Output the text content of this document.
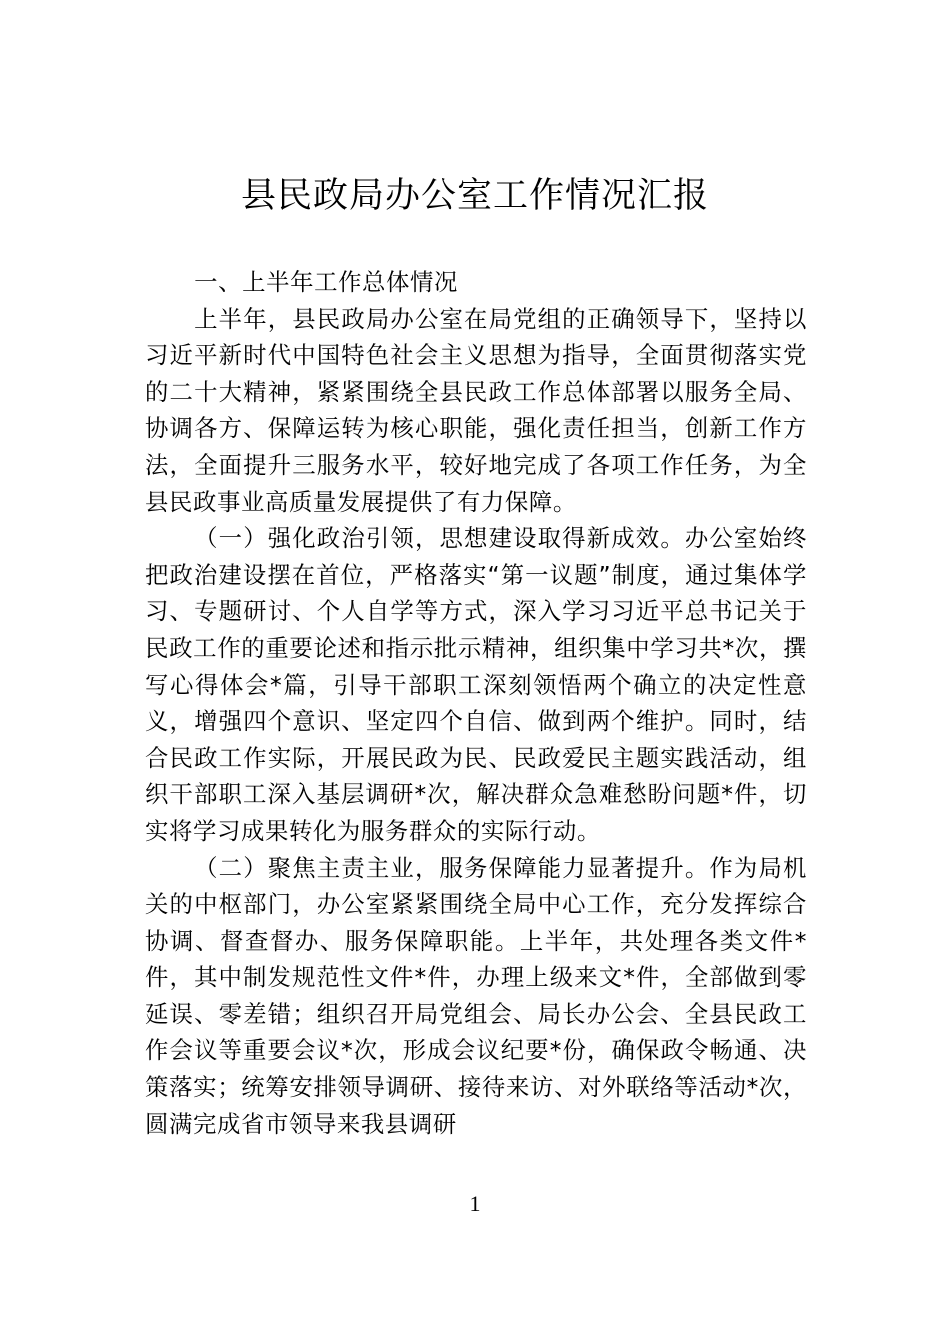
县民政局办公室工作情况汇报

一、上半年工作总体情况

上半年，县民政局办公室在局党组的正确领导下，坚持以习近平新时代中国特色社会主义思想为指导，全面贯彻落实党的二十大精神，紧紧围绕全县民政工作总体部署以服务全局、协调各方、保障运转为核心职能，强化责任担当，创新工作方法，全面提升三服务水平，较好地完成了各项工作任务，为全县民政事业高质量发展提供了有力保障。

（一）强化政治引领，思想建设取得新成效。办公室始终把政治建设摆在首位，严格落实“第一议题”制度，通过集体学习、专题研讨、个人自学等方式，深入学习习近平总书记关于民政工作的重要论述和指示批示精神，组织集中学习共*次，撰写心得体会*篇，引导干部职工深刻领悟两个确立的决定性意义，增强四个意识、坚定四个自信、做到两个维护。同时，结合民政工作实际，开展民政为民、民政爱民主题实践活动，组织干部职工深入基层调研*次，解决群众急难愁盼问题*件，切实将学习成果转化为服务群众的实际行动。

（二）聚焦主责主业，服务保障能力显著提升。作为局机关的中枢部门，办公室紧紧围绕全局中心工作，充分发挥综合协调、督查督办、服务保障职能。上半年，共处理各类文件*件，其中制发规范性文件*件，办理上级来文*件，全部做到零延误、零差错；组织召开局党组会、局长办公会、全县民政工作会议等重要会议*次，形成会议纪要*份，确保政令畅通、决策落实；统筹安排领导调研、接待来访、对外联络等活动*次，圆满完成省市领导来我县调研

1
